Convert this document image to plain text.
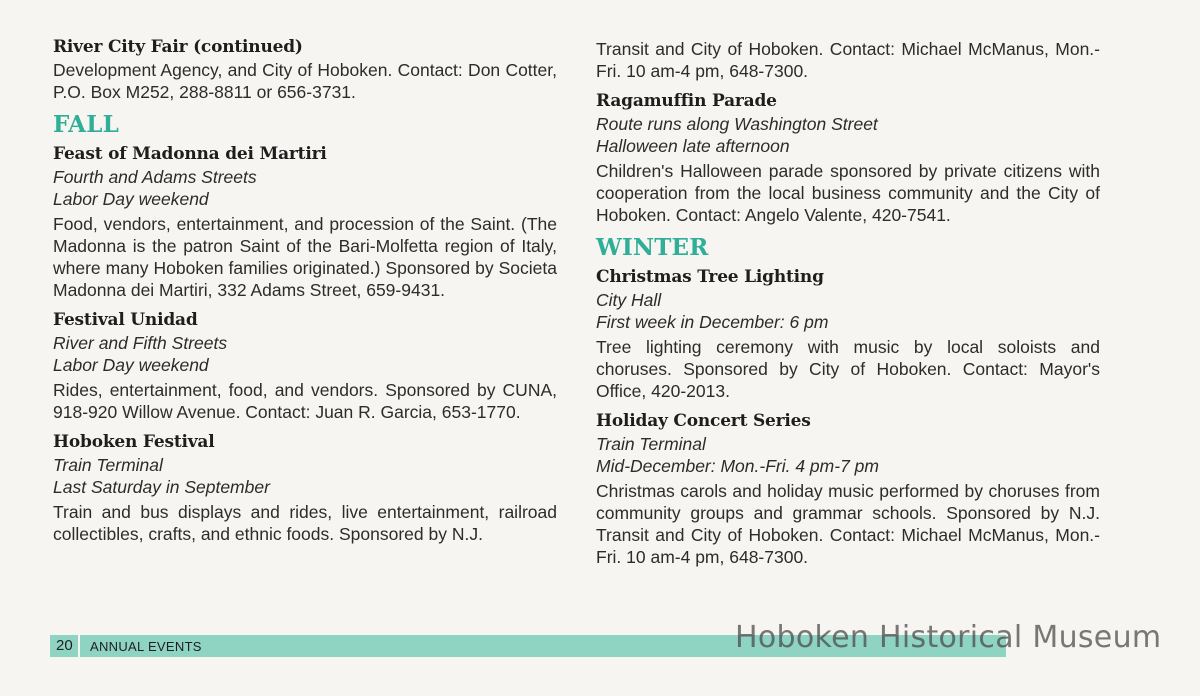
River City Fair (continued)

Development Agency, and City of Hoboken. Contact: Don Cotter, P.O. Box M252, 288-8811 or 656-3731.

FALL

Feast of Madonna dei Martiri

Fourth and Adams Streets

Labor Day weekend

Food, vendors, entertainment, and procession of the Saint. (The Madonna is the patron Saint of the Bari-Molfetta region of Italy, where many Hoboken families originated.) Sponsored by Societa Madonna dei Martiri, 332 Adams Street, 659-9431.

Festival Unidad

River and Fifth Streets

Labor Day weekend

Rides, entertainment, food, and vendors. Sponsored by CUNA, 918-920 Willow Avenue. Contact: Juan R. Garcia, 653-1770.

Hoboken Festival

Train Terminal

Last Saturday in September

Train and bus displays and rides, live entertainment, railroad collectibles, crafts, and ethnic foods. Sponsored by N.J.

Transit and City of Hoboken. Contact: Michael McManus, Mon.-Fri. 10 am-4 pm, 648-7300.

Ragamuffin Parade

Route runs along Washington Street

Halloween late afternoon

Children's Halloween parade sponsored by private citizens with cooperation from the local business community and the City of Hoboken. Contact: Angelo Valente, 420-7541.

WINTER

Christmas Tree Lighting

City Hall

First week in December: 6 pm

Tree lighting ceremony with music by local soloists and choruses. Sponsored by City of Hoboken. Contact: Mayor's Office, 420-2013.

Holiday Concert Series

Train Terminal

Mid-December: Mon.-Fri. 4 pm-7 pm

Christmas carols and holiday music performed by choruses from community groups and grammar schools. Sponsored by N.J. Transit and City of Hoboken. Contact: Michael McManus, Mon.-Fri. 10 am-4 pm, 648-7300.

20 ANNUAL EVENTS	Hoboken Historical Museum
